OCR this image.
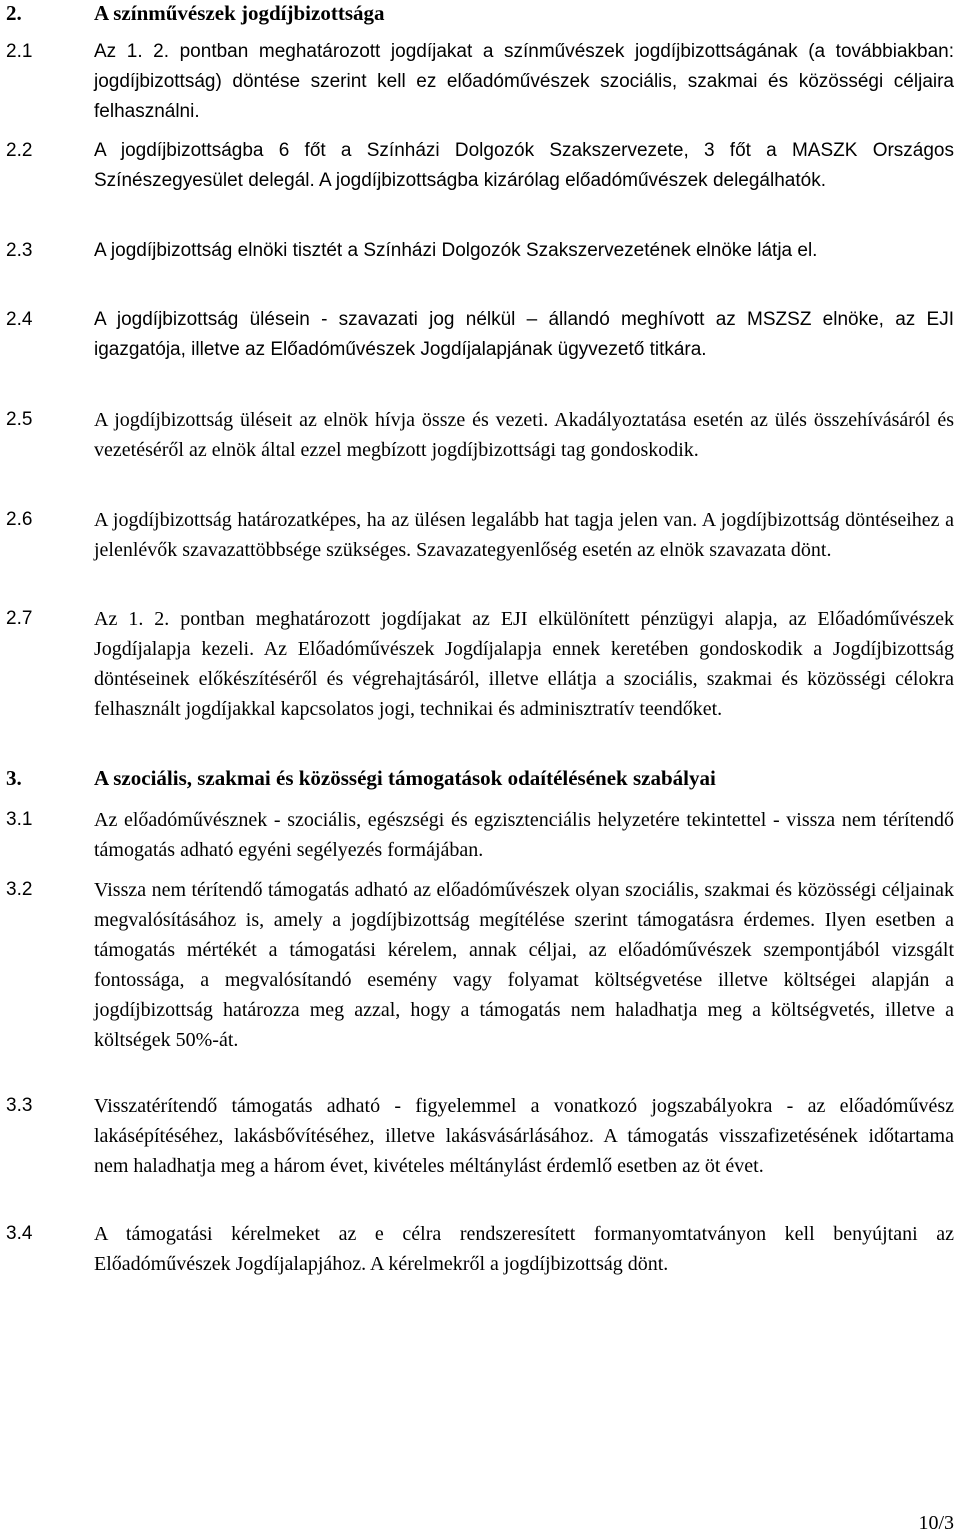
2.	A színművészek jogdíjbizottsága
2.1	Az 1. 2. pontban meghatározott jogdíjakat a színművészek jogdíjbizottságának (a továbbiakban: jogdíjbizottság) döntése szerint kell ez előadóművészek szociális, szakmai és közösségi céljaira felhasználni.
2.2	A jogdíjbizottságba 6 főt a Színházi Dolgozók Szakszervezete, 3 főt a MASZK Országos Színészegyesület delegál. A jogdíjbizottságba kizárólag előadóművészek delegálhatók.
2.3	A jogdíjbizottság elnöki tisztét a Színházi Dolgozók Szakszervezetének elnöke látja el.
2.4	A jogdíjbizottság ülésein - szavazati jog nélkül – állandó meghívott az MSZSZ elnöke, az EJI igazgatója, illetve az Előadóművészek Jogdíjalapjának ügyvezető titkára.
2.5	A jogdíjbizottság üléseit az elnök hívja össze és vezeti. Akadályoztatása esetén az ülés összehívásáról és vezetéséről az elnök által ezzel megbízott jogdíjbizottsági tag gondoskodik.
2.6	A jogdíjbizottság határozatképes, ha az ülésen legalább hat tagja jelen van. A jogdíjbizottság döntéseihez a jelenlévők szavazattöbbsége szükséges. Szavazategyenlőség esetén az elnök szavazata dönt.
2.7	Az 1. 2. pontban meghatározott jogdíjakat az EJI elkülönített pénzügyi alapja, az Előadóművészek Jogdíjalapja kezeli. Az Előadóművészek Jogdíjalapja ennek keretében gondoskodik a Jogdíjbizottság döntéseinek előkészítéséről és végrehajtásáról, illetve ellátja a szociális, szakmai és közösségi célokra felhasznált jogdíjakkal kapcsolatos jogi, technikai és adminisztratív teendőket.
3.	A szociális, szakmai és közösségi támogatások odaítélésének szabályai
3.1	Az előadóművésznek - szociális, egészségi és egzisztenciális helyzetére tekintettel - vissza nem térítendő támogatás adható egyéni segélyezés formájában.
3.2	Vissza nem térítendő támogatás adható az előadóművészek olyan szociális, szakmai és közösségi céljainak megvalósításához is, amely a jogdíjbizottság megítélése szerint támogatásra érdemes. Ilyen esetben a támogatás mértékét a támogatási kérelem, annak céljai, az előadóművészek szempontjából vizsgált fontossága, a megvalósítandó esemény vagy folyamat költségvetése illetve költségei alapján a jogdíjbizottság határozza meg azzal, hogy a támogatás nem haladhatja meg a költségvetés, illetve a költségek 50%-át.
3.3	Visszatérítendő támogatás adható - figyelemmel a vonatkozó jogszabályokra - az előadóművész lakásépítéséhez, lakásbővítéséhez, illetve lakásvásárlásához. A támogatás visszafizetésének időtartama nem haladhatja meg a három évet, kivételes méltánylást érdemlő esetben az öt évet.
3.4	A támogatási kérelmeket az e célra rendszeresített formanyomtatványon kell benyújtani az Előadóművészek Jogdíjalapjához. A kérelmekről a jogdíjbizottság dönt.
10/3
